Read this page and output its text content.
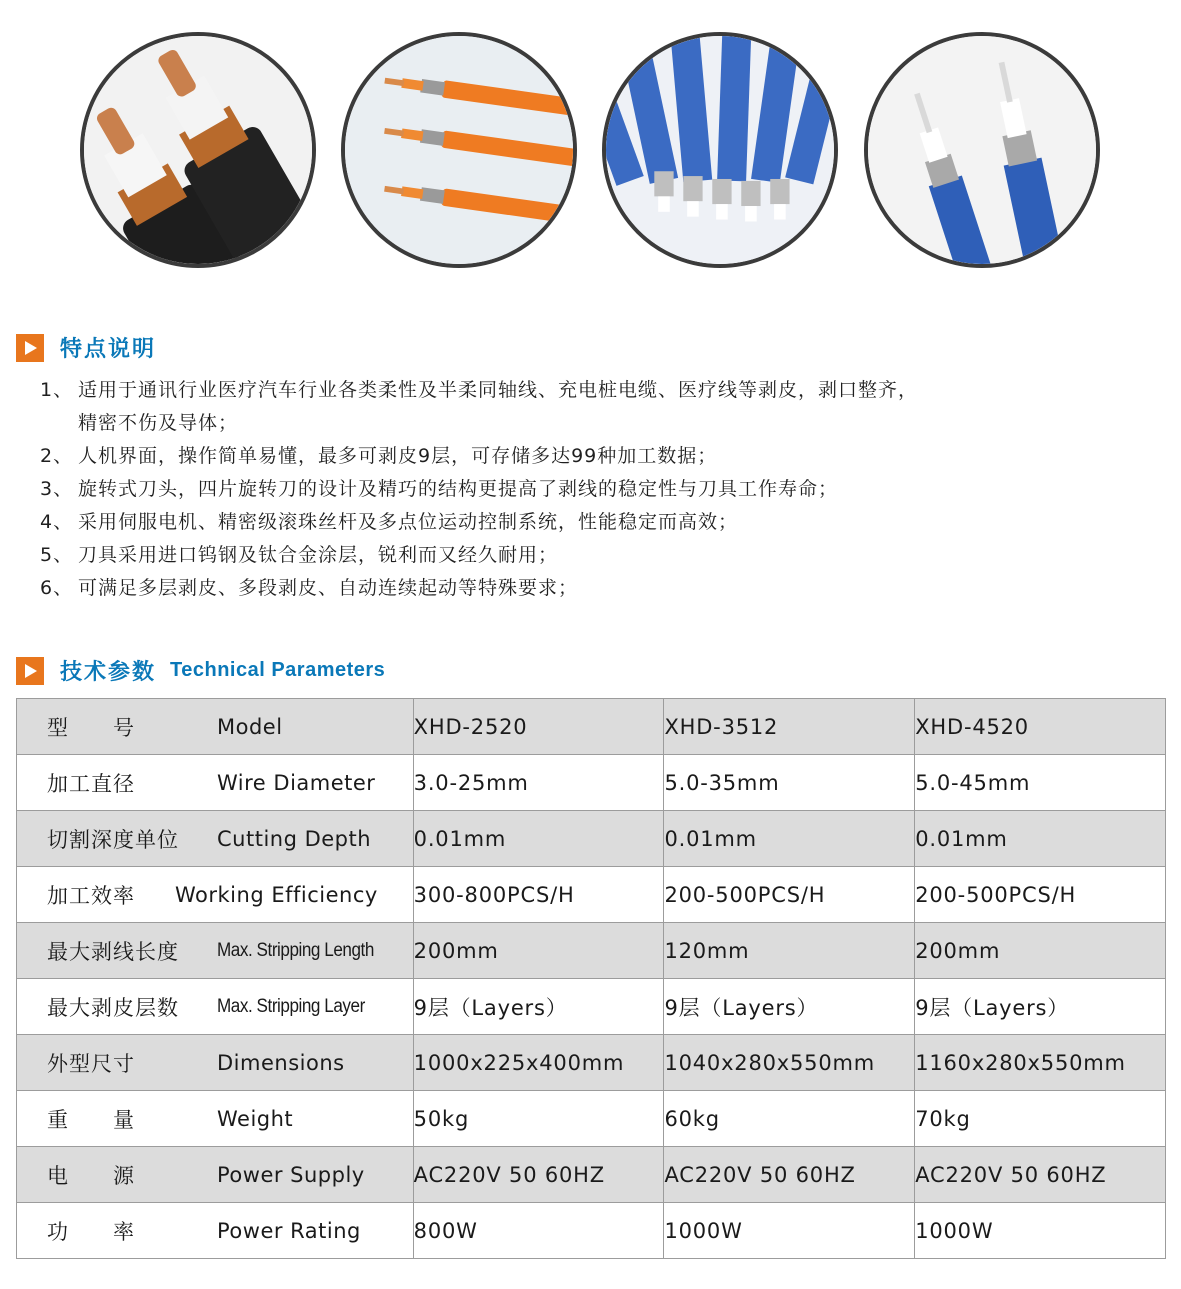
特点说明
1、 适用于通讯行业医疗汽车行业各类柔性及半柔同轴线、充电桩电缆、医疗线等剥皮，剥口整齐，
精密不伤及导体；
2、 人机界面，操作简单易懂，最多可剥皮9层，可存储多达99种加工数据；
3、 旋转式刀头，四片旋转刀的设计及精巧的结构更提高了剥线的稳定性与刀具工作寿命；
4、 采用伺服电机、精密级滚珠丝杆及多点位运动控制系统，性能稳定而高效；
5、 刀具采用进口钨钢及钛合金涂层，锐利而又经久耐用；
6、 可满足多层剥皮、多段剥皮、自动连续起动等特殊要求；
技术参数 Technical Parameters
型　　号 Model	XHD-2520	XHD-3512	XHD-4520

加工直径 Wire Diameter	3.0-25mm	5.0-35mm	5.0-45mm

切割深度单位 Cutting Depth	0.01mm	0.01mm	0.01mm

加工效率 Working Efficiency	300-800PCS/H	200-500PCS/H	200-500PCS/H

最大剥线长度 Max. Stripping Length	200mm	120mm	200mm

最大剥皮层数 Max. Stripping Layer	9层（Layers）	9层（Layers）	9层（Layers）

外型尺寸 Dimensions	1000x225x400mm	1040x280x550mm	1160x280x550mm

重　　量 Weight	50kg	60kg	70kg

电　　源 Power Supply	AC220V 50 60HZ	AC220V 50 60HZ	AC220V 50 60HZ

功　　率 Power Rating	800W	1000W	1000W
